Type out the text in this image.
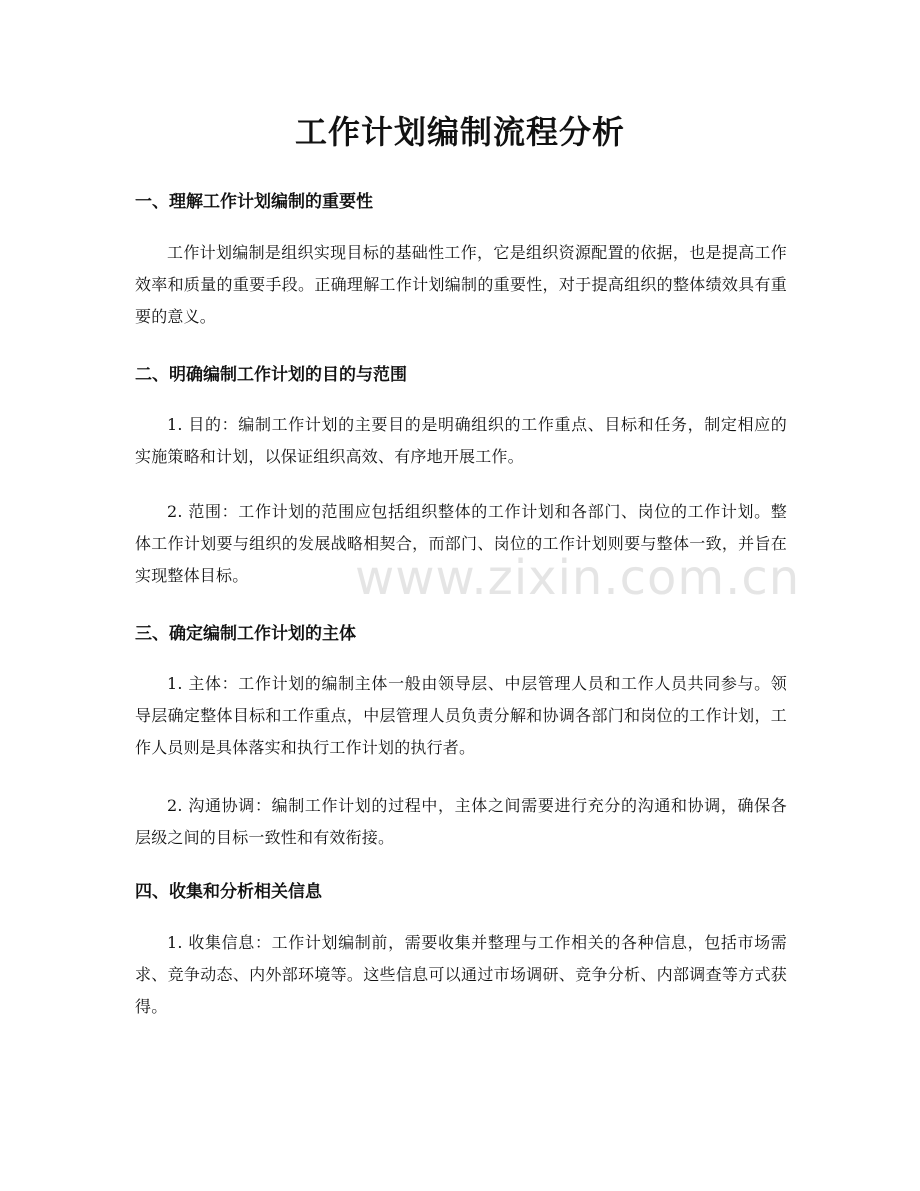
工作计划编制流程分析
一、理解工作计划编制的重要性

工作计划编制是组织实现目标的基础性工作，它是组织资源配置的依据，也是提高工作效率和质量的重要手段。正确理解工作计划编制的重要性，对于提高组织的整体绩效具有重要的意义。

二、明确编制工作计划的目的与范围

1. 目的：编制工作计划的主要目的是明确组织的工作重点、目标和任务，制定相应的实施策略和计划，以保证组织高效、有序地开展工作。

2. 范围：工作计划的范围应包括组织整体的工作计划和各部门、岗位的工作计划。整体工作计划要与组织的发展战略相契合，而部门、岗位的工作计划则要与整体一致，并旨在实现整体目标。

三、确定编制工作计划的主体

1. 主体：工作计划的编制主体一般由领导层、中层管理人员和工作人员共同参与。领导层确定整体目标和工作重点，中层管理人员负责分解和协调各部门和岗位的工作计划，工作人员则是具体落实和执行工作计划的执行者。

2. 沟通协调：编制工作计划的过程中，主体之间需要进行充分的沟通和协调，确保各层级之间的目标一致性和有效衔接。

四、收集和分析相关信息

1. 收集信息：工作计划编制前，需要收集并整理与工作相关的各种信息，包括市场需求、竞争动态、内外部环境等。这些信息可以通过市场调研、竞争分析、内部调查等方式获得。

www.zixin.com.cn
